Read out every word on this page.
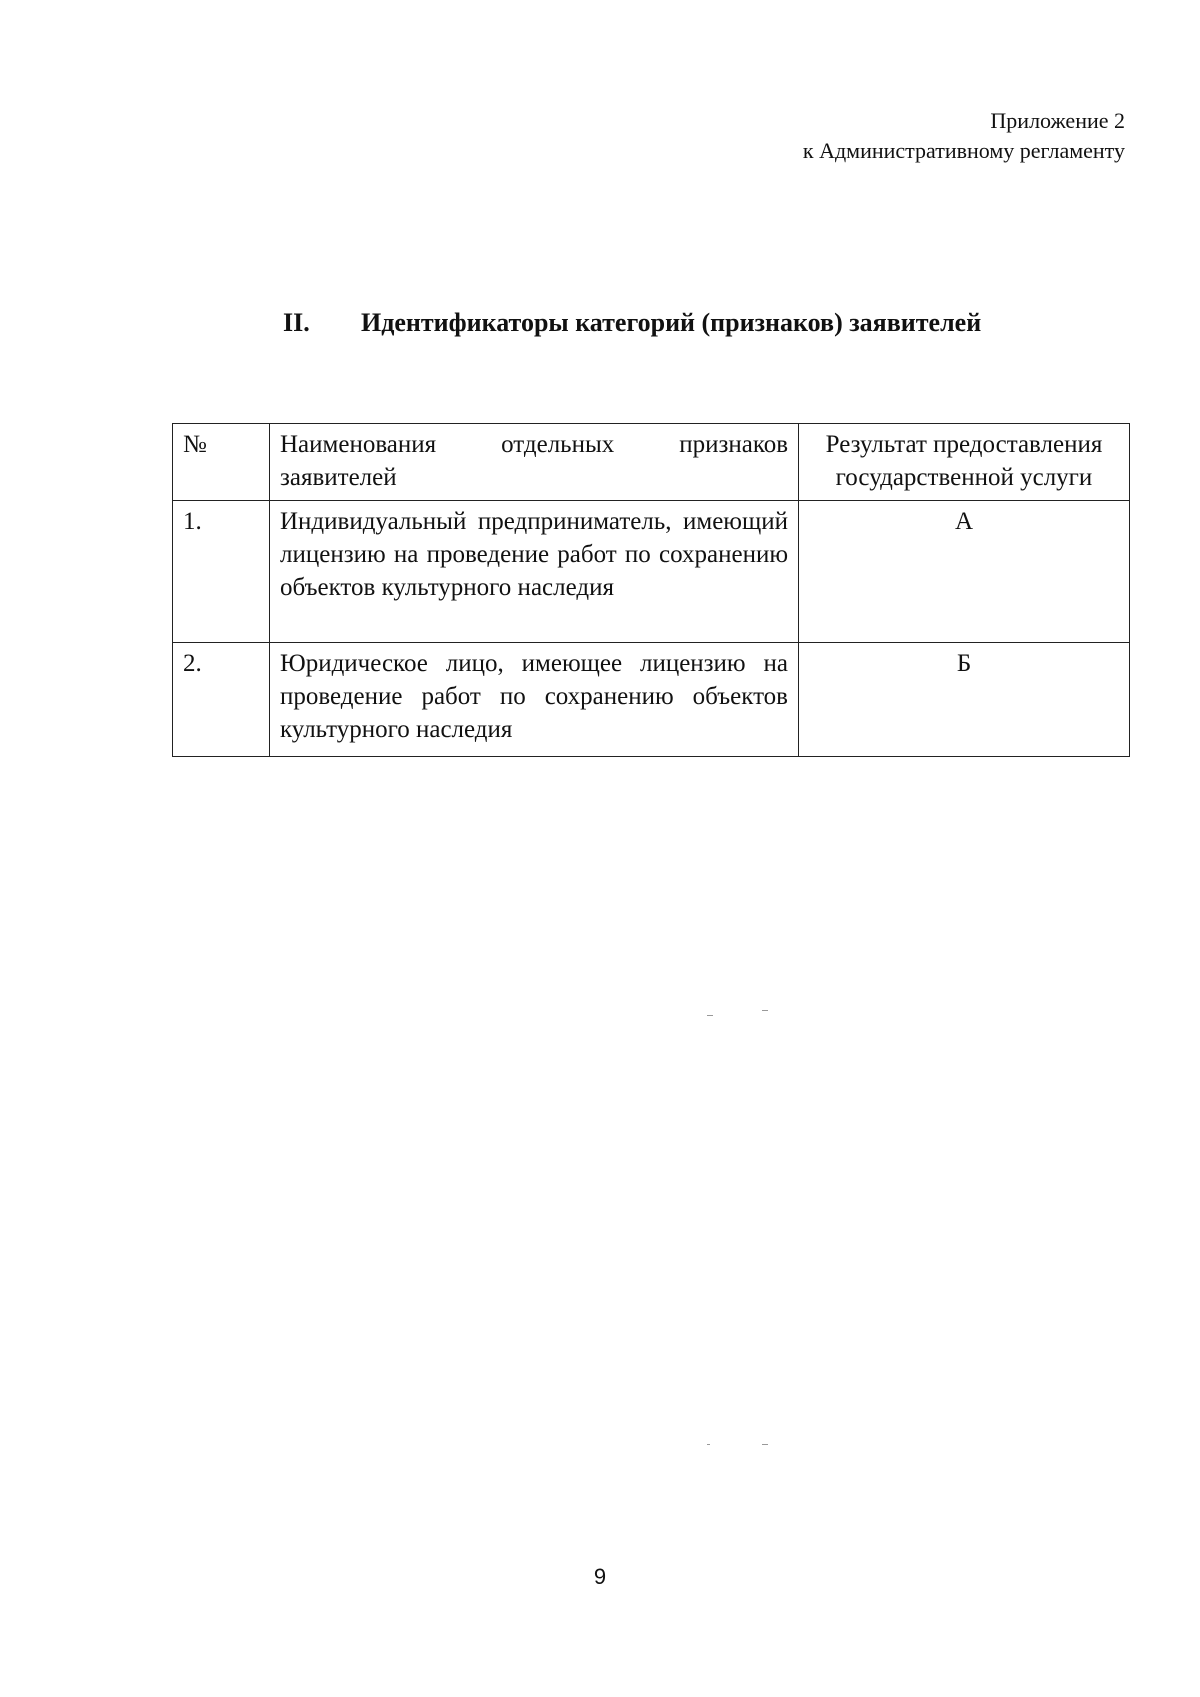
Приложение 2
к Административному регламенту
II. Идентификаторы категорий (признаков) заявителей
№	Наименования отдельных признаков заявителей	Результат предоставления государственной услуги
1.	Индивидуальный предприниматель, имеющий лицензию на проведение работ по сохранению объектов культурного наследия	А
2.	Юридическое лицо, имеющее лицензию на проведение работ по сохранению объектов культурного наследия	Б
9
